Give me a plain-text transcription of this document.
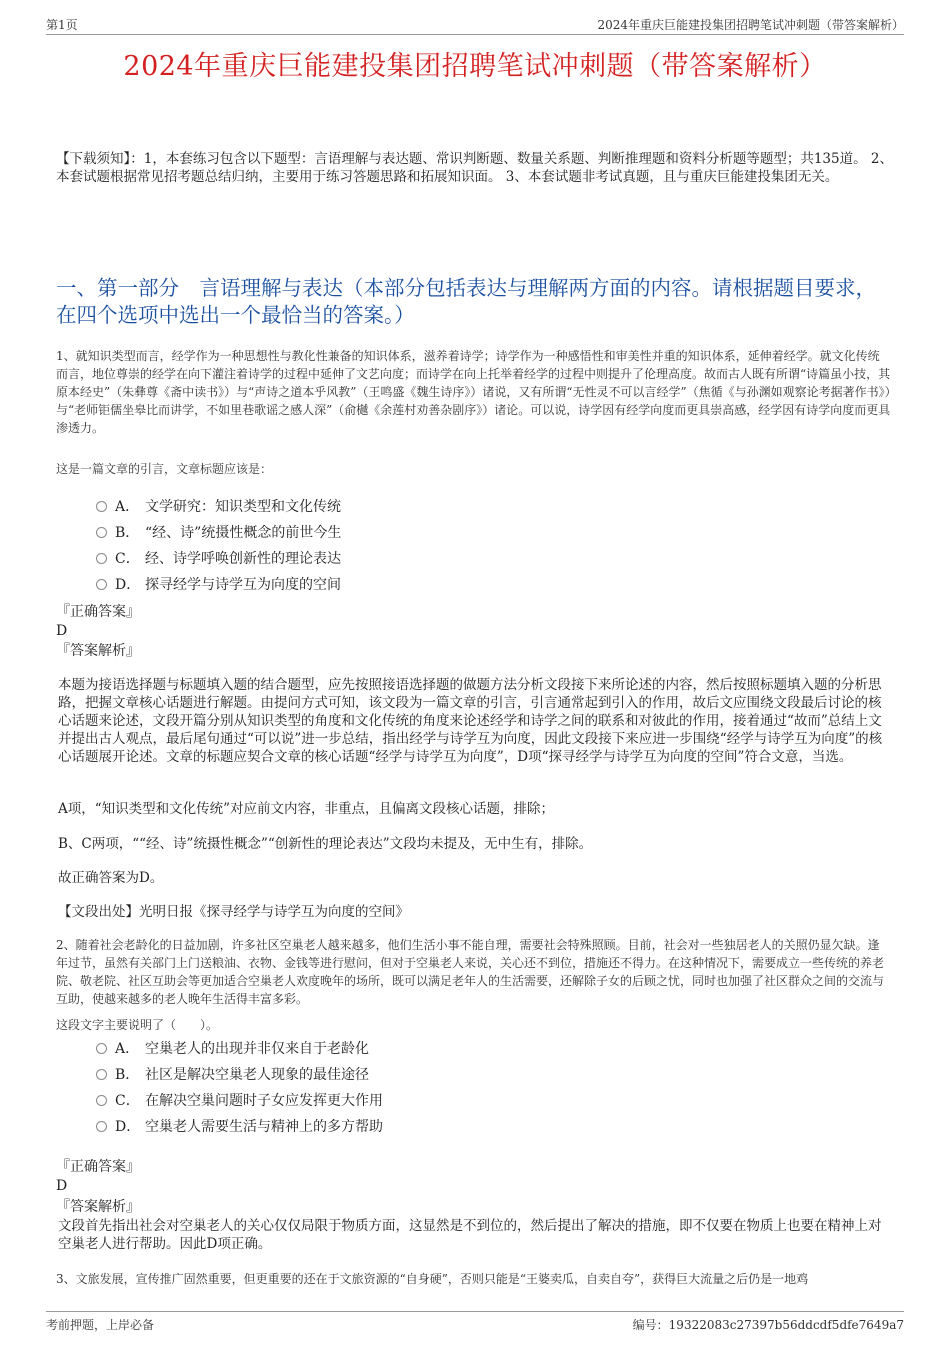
第1页	2024年重庆巨能建投集团招聘笔试冲刺题（带答案解析）
2024年重庆巨能建投集团招聘笔试冲刺题（带答案解析）
【下载须知】：1，本套练习包含以下题型：言语理解与表达题、常识判断题、数量关系题、判断推理题和资料分析题等题型；共135道。 2、本套试题根据常见招考题总结归纳，主要用于练习答题思路和拓展知识面。 3、本套试题非考试真题，且与重庆巨能建投集团无关。
一、第一部分　言语理解与表达（本部分包括表达与理解两方面的内容。请根据题目要求，在四个选项中选出一个最恰当的答案。）
1、就知识类型而言，经学作为一种思想性与教化性兼备的知识体系，滋养着诗学；诗学作为一种感悟性和审美性并重的知识体系，延伸着经学。就文化传统而言，地位尊崇的经学在向下灌注着诗学的过程中延伸了文艺向度；而诗学在向上托举着经学的过程中则提升了伦理高度。故而古人既有所谓“诗篇虽小技，其原本经史”（朱彝尊《斋中读书》）与“声诗之道本乎风教”（王鸣盛《魏生诗序》）诸说，又有所谓“无性灵不可以言经学”（焦循《与孙渊如观察论考据著作书》）与“老师钜儒坐皋比而讲学，不如里巷歌谣之感人深”（俞樾《余莲村劝善杂剧序》）诸论。可以说，诗学因有经学向度而更具崇高感，经学因有诗学向度而更具渗透力。
这是一篇文章的引言，文章标题应该是：
A． 文学研究：知识类型和文化传统
B． “经、诗”统摄性概念的前世今生
C． 经、诗学呼唤创新性的理论表达
D． 探寻经学与诗学互为向度的空间
『正确答案』
D
『答案解析』
本题为接语选择题与标题填入题的结合题型，应先按照接语选择题的做题方法分析文段接下来所论述的内容，然后按照标题填入题的分析思路，把握文章核心话题进行解题。由提问方式可知，该文段为一篇文章的引言，引言通常起到引入的作用，故后文应围绕文段最后讨论的核心话题来论述，文段开篇分别从知识类型的角度和文化传统的角度来论述经学和诗学之间的联系和对彼此的作用，接着通过“故而”总结上文并提出古人观点，最后尾句通过“可以说”进一步总结，指出经学与诗学互为向度，因此文段接下来应进一步围绕“经学与诗学互为向度”的核心话题展开论述。文章的标题应契合文章的核心话题“经学与诗学互为向度”，D项“探寻经学与诗学互为向度的空间”符合文意，当选。
A项，“知识类型和文化传统”对应前文内容，非重点，且偏离文段核心话题，排除；
B、C两项，““经、诗”统摄性概念”“创新性的理论表达”文段均未提及，无中生有，排除。
故正确答案为D。
【文段出处】光明日报《探寻经学与诗学互为向度的空间》
2、随着社会老龄化的日益加剧，许多社区空巢老人越来越多，他们生活小事不能自理，需要社会特殊照顾。目前，社会对一些独居老人的关照仍显欠缺。逢年过节，虽然有关部门上门送粮油、衣物、金钱等进行慰问，但对于空巢老人来说，关心还不到位，措施还不得力。在这种情况下，需要成立一些传统的养老院、敬老院、社区互助会等更加适合空巢老人欢度晚年的场所，既可以满足老年人的生活需要，还解除子女的后顾之忧，同时也加强了社区群众之间的交流与互助，使越来越多的老人晚年生活得丰富多彩。
这段文字主要说明了（　　）。
A． 空巢老人的出现并非仅来自于老龄化
B． 社区是解决空巢老人现象的最佳途径
C． 在解决空巢问题时子女应发挥更大作用
D． 空巢老人需要生活与精神上的多方帮助
『正确答案』
D
『答案解析』
文段首先指出社会对空巢老人的关心仅仅局限于物质方面，这显然是不到位的，然后提出了解决的措施，即不仅要在物质上也要在精神上对空巢老人进行帮助。因此D项正确。
3、文旅发展，宣传推广固然重要，但更重要的还在于文旅资源的“自身硬”，否则只能是“王婆卖瓜，自卖自夸”，获得巨大流量之后仍是一地鸡
考前押题，上岸必备	编号：19322083c27397b56ddcdf5dfe7649a7
